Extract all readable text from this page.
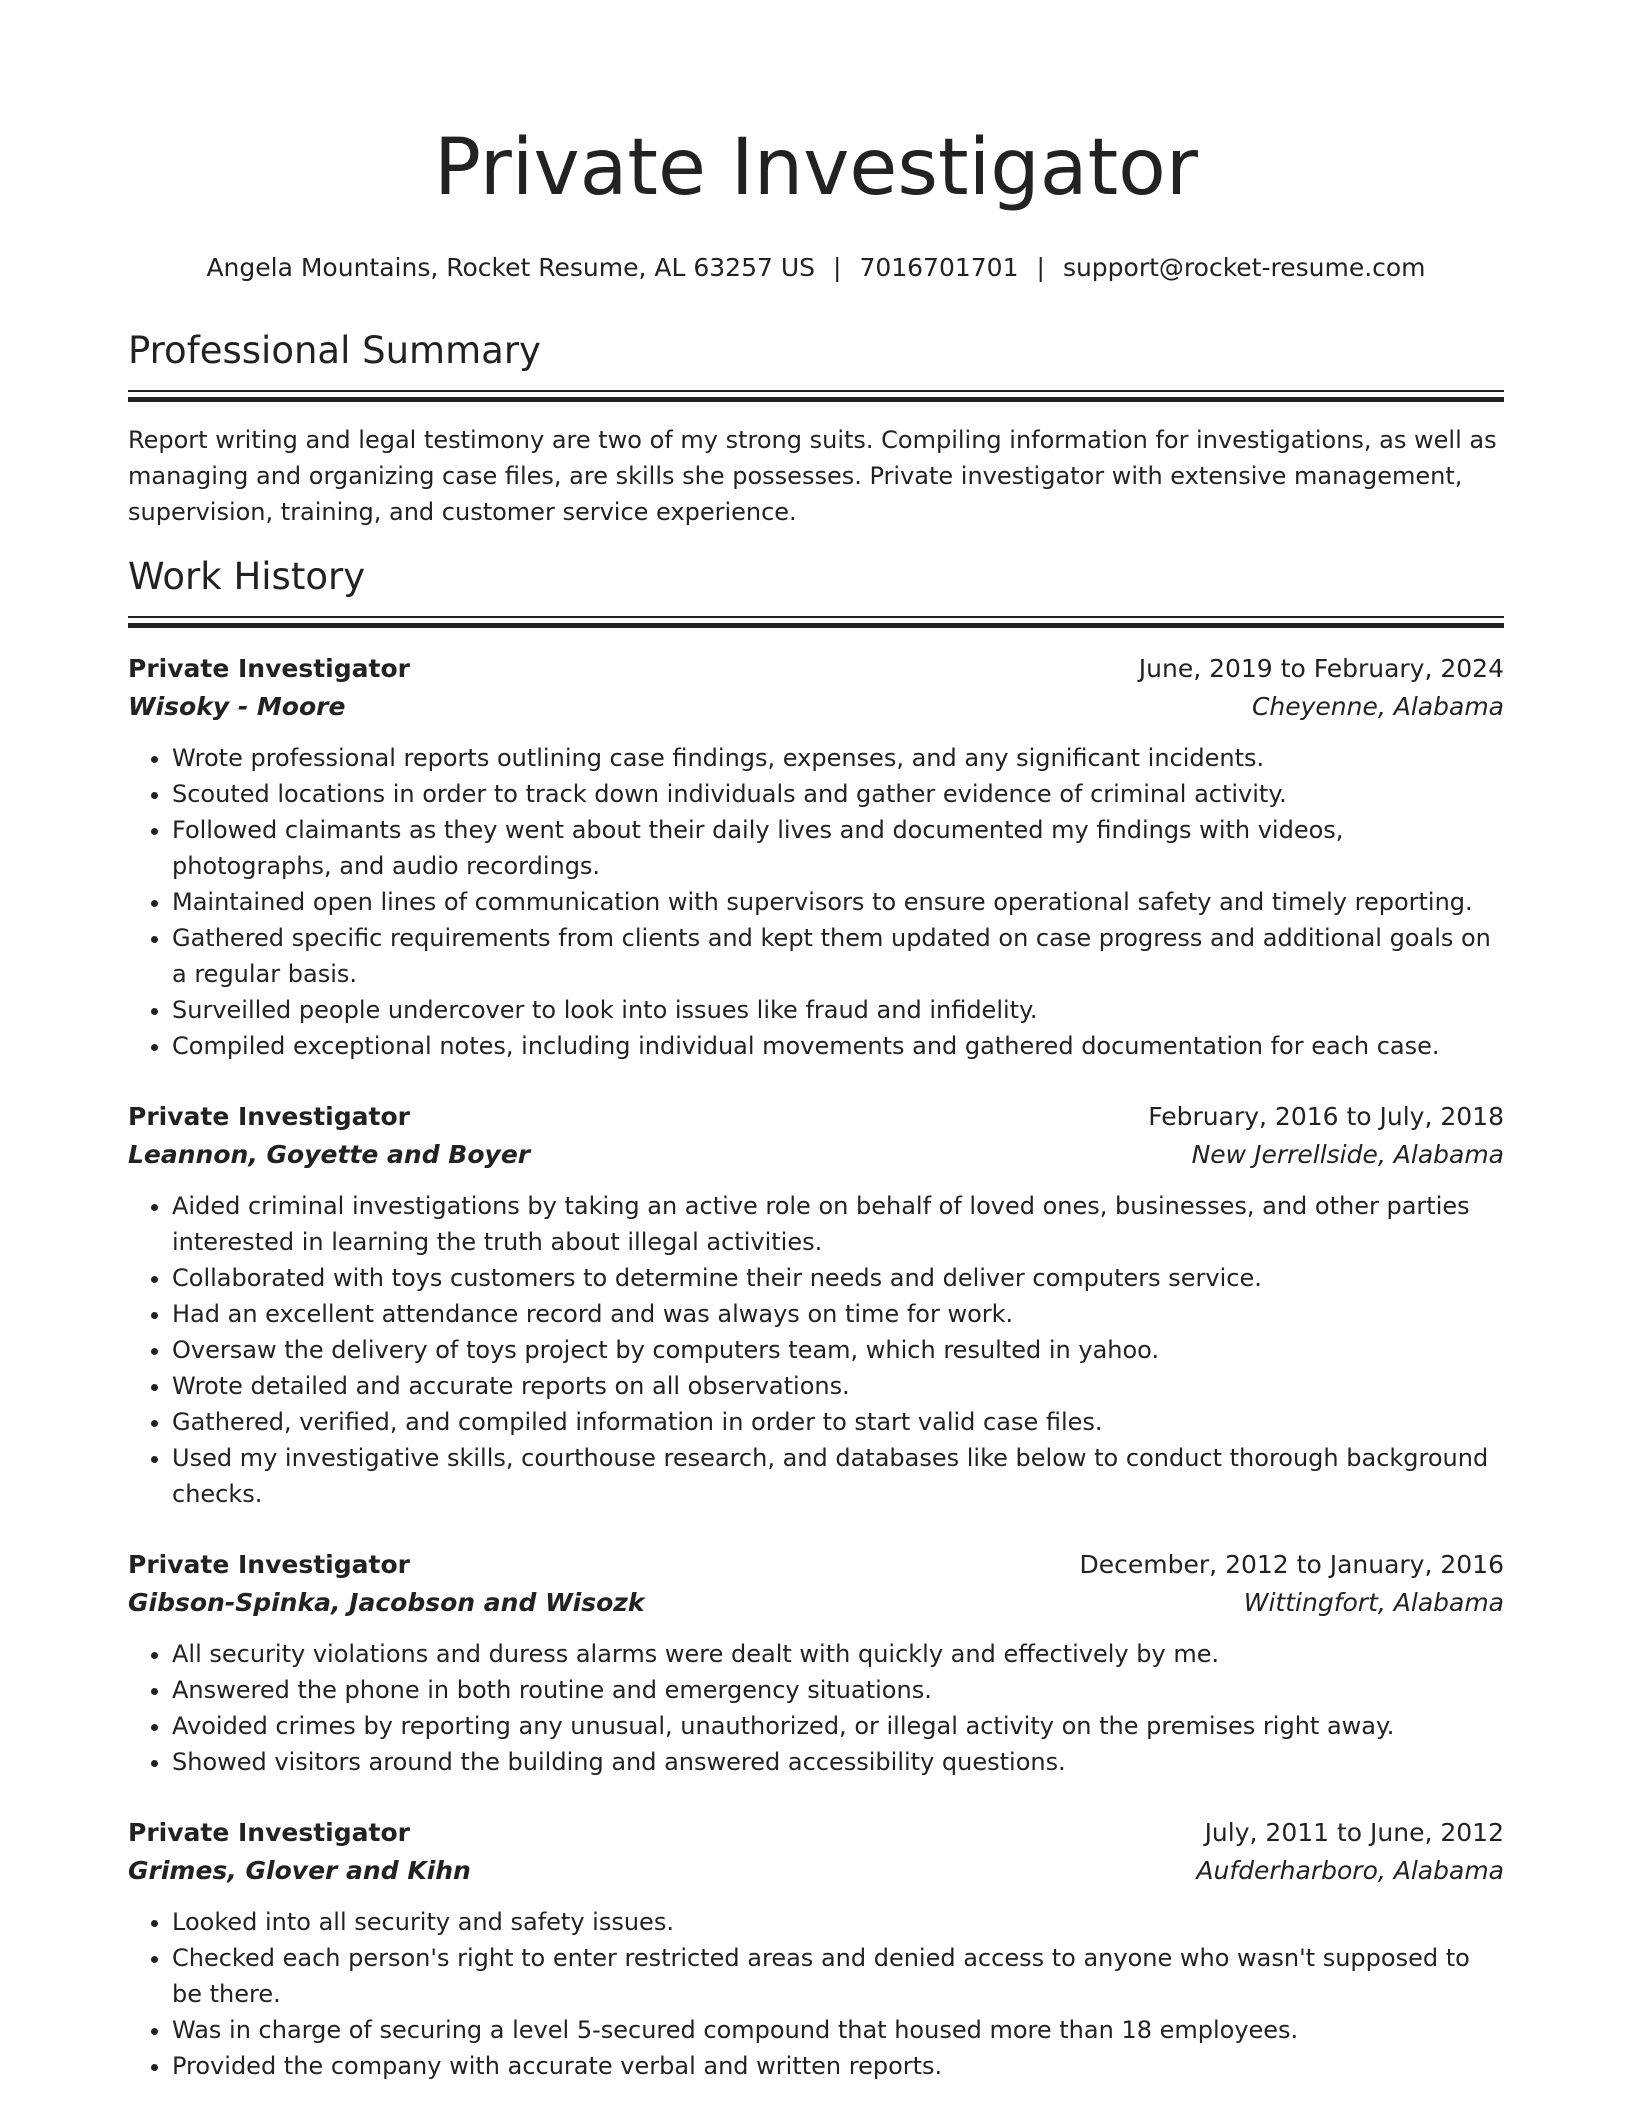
Private Investigator
Angela Mountains, Rocket Resume, AL 63257 US | 7016701701 | support@rocket-resume.com
Professional Summary

Report writing and legal testimony are two of my strong suits. Compiling information for investigations, as well as managing and organizing case files, are skills she possesses. Private investigator with extensive management, supervision, training, and customer service experience.

Work History
Private Investigator	June, 2019 to February, 2024
Wisoky - Moore	Cheyenne, Alabama
• Wrote professional reports outlining case findings, expenses, and any significant incidents.
• Scouted locations in order to track down individuals and gather evidence of criminal activity.
• Followed claimants as they went about their daily lives and documented my findings with videos, photographs, and audio recordings.
• Maintained open lines of communication with supervisors to ensure operational safety and timely reporting.
• Gathered specific requirements from clients and kept them updated on case progress and additional goals on a regular basis.
• Surveilled people undercover to look into issues like fraud and infidelity.
• Compiled exceptional notes, including individual movements and gathered documentation for each case.
Private Investigator	February, 2016 to July, 2018
Leannon, Goyette and Boyer	New Jerrellside, Alabama
• Aided criminal investigations by taking an active role on behalf of loved ones, businesses, and other parties interested in learning the truth about illegal activities.
• Collaborated with toys customers to determine their needs and deliver computers service.
• Had an excellent attendance record and was always on time for work.
• Oversaw the delivery of toys project by computers team, which resulted in yahoo.
• Wrote detailed and accurate reports on all observations.
• Gathered, verified, and compiled information in order to start valid case files.
• Used my investigative skills, courthouse research, and databases like below to conduct thorough background checks.
Private Investigator	December, 2012 to January, 2016
Gibson-Spinka, Jacobson and Wisozk	Wittingfort, Alabama
• All security violations and duress alarms were dealt with quickly and effectively by me.
• Answered the phone in both routine and emergency situations.
• Avoided crimes by reporting any unusual, unauthorized, or illegal activity on the premises right away.
• Showed visitors around the building and answered accessibility questions.
Private Investigator	July, 2011 to June, 2012
Grimes, Glover and Kihn	Aufderharboro, Alabama
• Looked into all security and safety issues.
• Checked each person's right to enter restricted areas and denied access to anyone who wasn't supposed to be there.
• Was in charge of securing a level 5-secured compound that housed more than 18 employees.
• Provided the company with accurate verbal and written reports.
